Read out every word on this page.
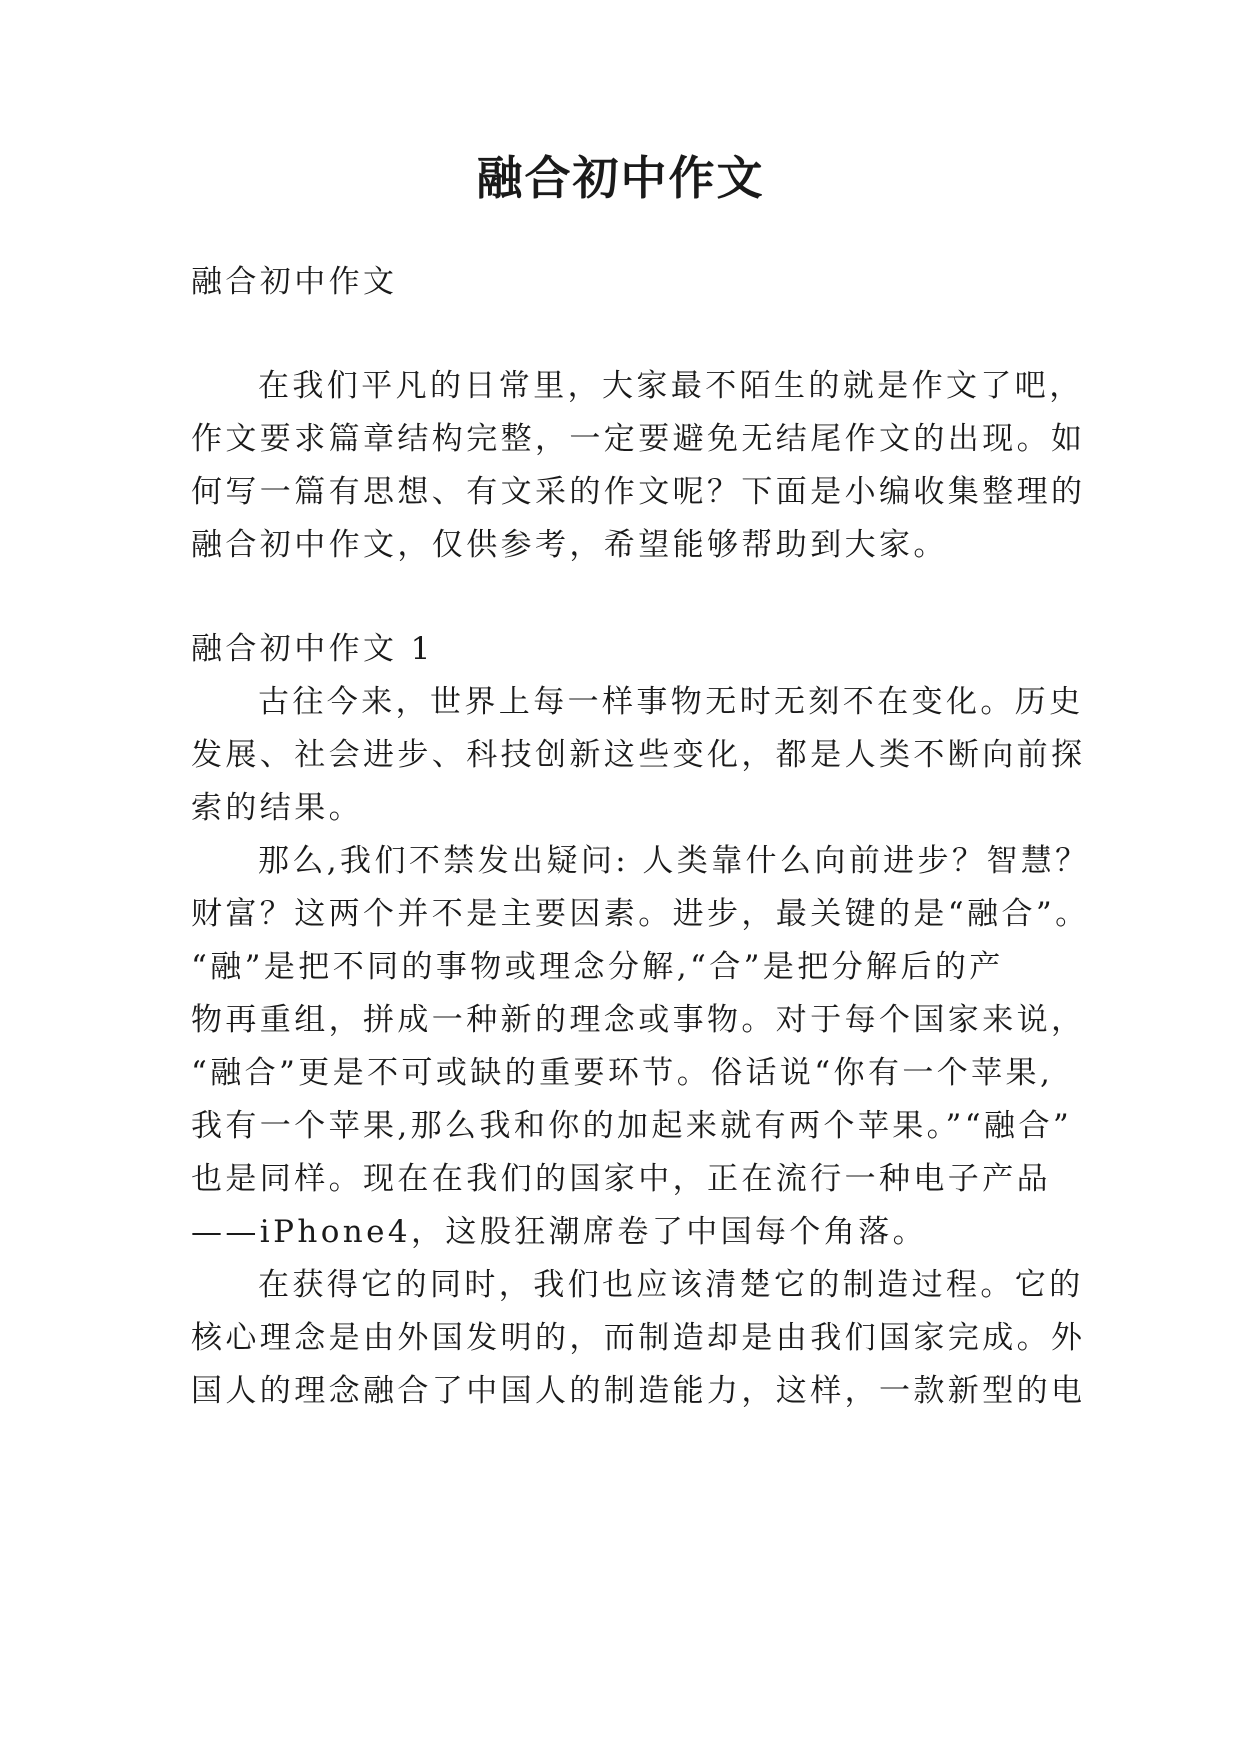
融合初中作文
融合初中作文
在我们平凡的日常里，大家最不陌生的就是作文了吧，
作文要求篇章结构完整，一定要避免无结尾作文的出现。如
何写一篇有思想、有文采的作文呢？下面是小编收集整理的
融合初中作文，仅供参考，希望能够帮助到大家。
融合初中作文 1
古往今来，世界上每一样事物无时无刻不在变化。历史
发展、社会进步、科技创新这些变化，都是人类不断向前探
索的结果。
那么,我们不禁发出疑问: 人类靠什么向前进步？智慧？
财富？这两个并不是主要因素。进步，最关键的是“融合”。
“融”是把不同的事物或理念分解,“合”是把分解后的产
物再重组，拼成一种新的理念或事物。对于每个国家来说，
“融合”更是不可或缺的重要环节。俗话说“你有一个苹果,
我有一个苹果,那么我和你的加起来就有两个苹果。”“融合”
也是同样。现在在我们的国家中，正在流行一种电子产品
——iPhone4，这股狂潮席卷了中国每个角落。
在获得它的同时，我们也应该清楚它的制造过程。它的
核心理念是由外国发明的，而制造却是由我们国家完成。外
国人的理念融合了中国人的制造能力，这样，一款新型的电
